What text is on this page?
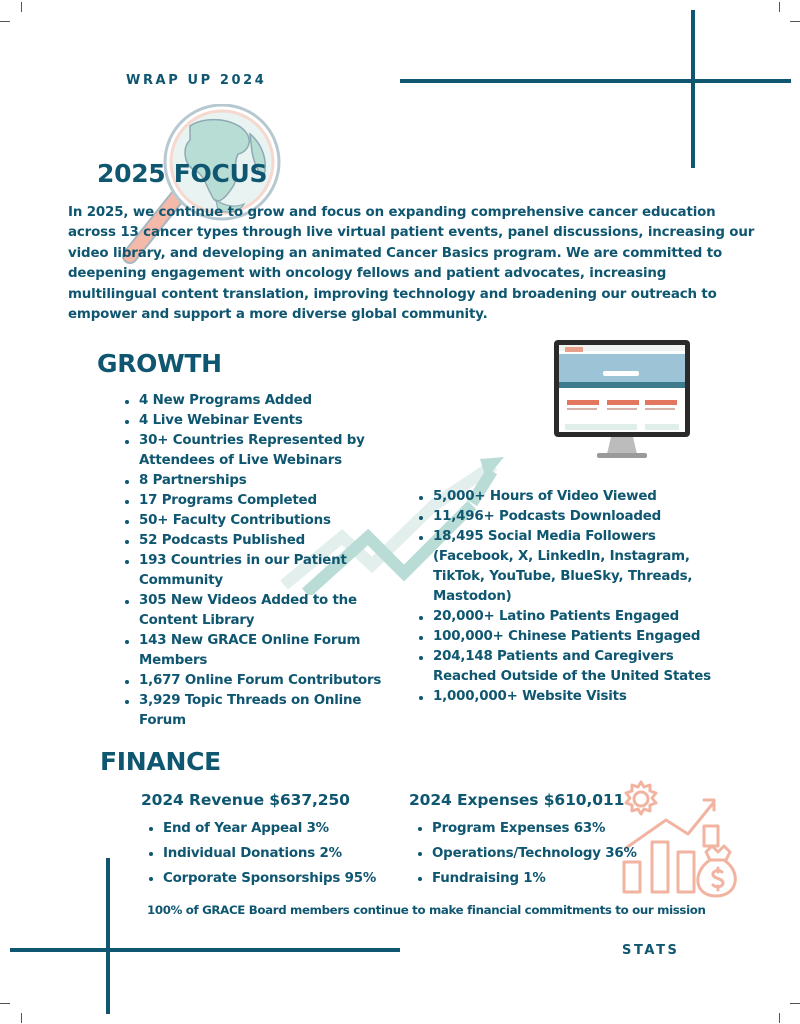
WRAP UP 2024
2025 FOCUS
In 2025, we continue to grow and focus on expanding comprehensive cancer education across 13 cancer types through live virtual patient events, panel discussions, increasing our video library, and developing an animated Cancer Basics program. We are committed to deepening engagement with oncology fellows and patient advocates, increasing multilingual content translation, improving technology and broadening our outreach to empower and support a more diverse global community.
GROWTH
4 New Programs Added
4 Live Webinar Events
30+ Countries Represented by Attendees of Live Webinars
8 Partnerships
17 Programs Completed
50+ Faculty Contributions
52 Podcasts Published
193 Countries in our Patient Community
305 New Videos Added to the Content Library
143 New GRACE Online Forum Members
1,677 Online Forum Contributors
3,929 Topic Threads on Online Forum
5,000+ Hours of Video Viewed
11,496+ Podcasts Downloaded
18,495 Social Media Followers (Facebook, X, LinkedIn, Instagram, TikTok, YouTube, BlueSky, Threads, Mastodon)
20,000+ Latino Patients Engaged
100,000+ Chinese Patients Engaged
204,148 Patients and Caregivers Reached Outside of the United States
1,000,000+ Website Visits
FINANCE
2024 Revenue $637,250
End of Year Appeal 3%
Individual Donations 2%
Corporate Sponsorships 95%
2024 Expenses $610,011
Program Expenses 63%
Operations/Technology 36%
Fundraising 1%
100% of GRACE Board members continue to make financial commitments to our mission
STATS
